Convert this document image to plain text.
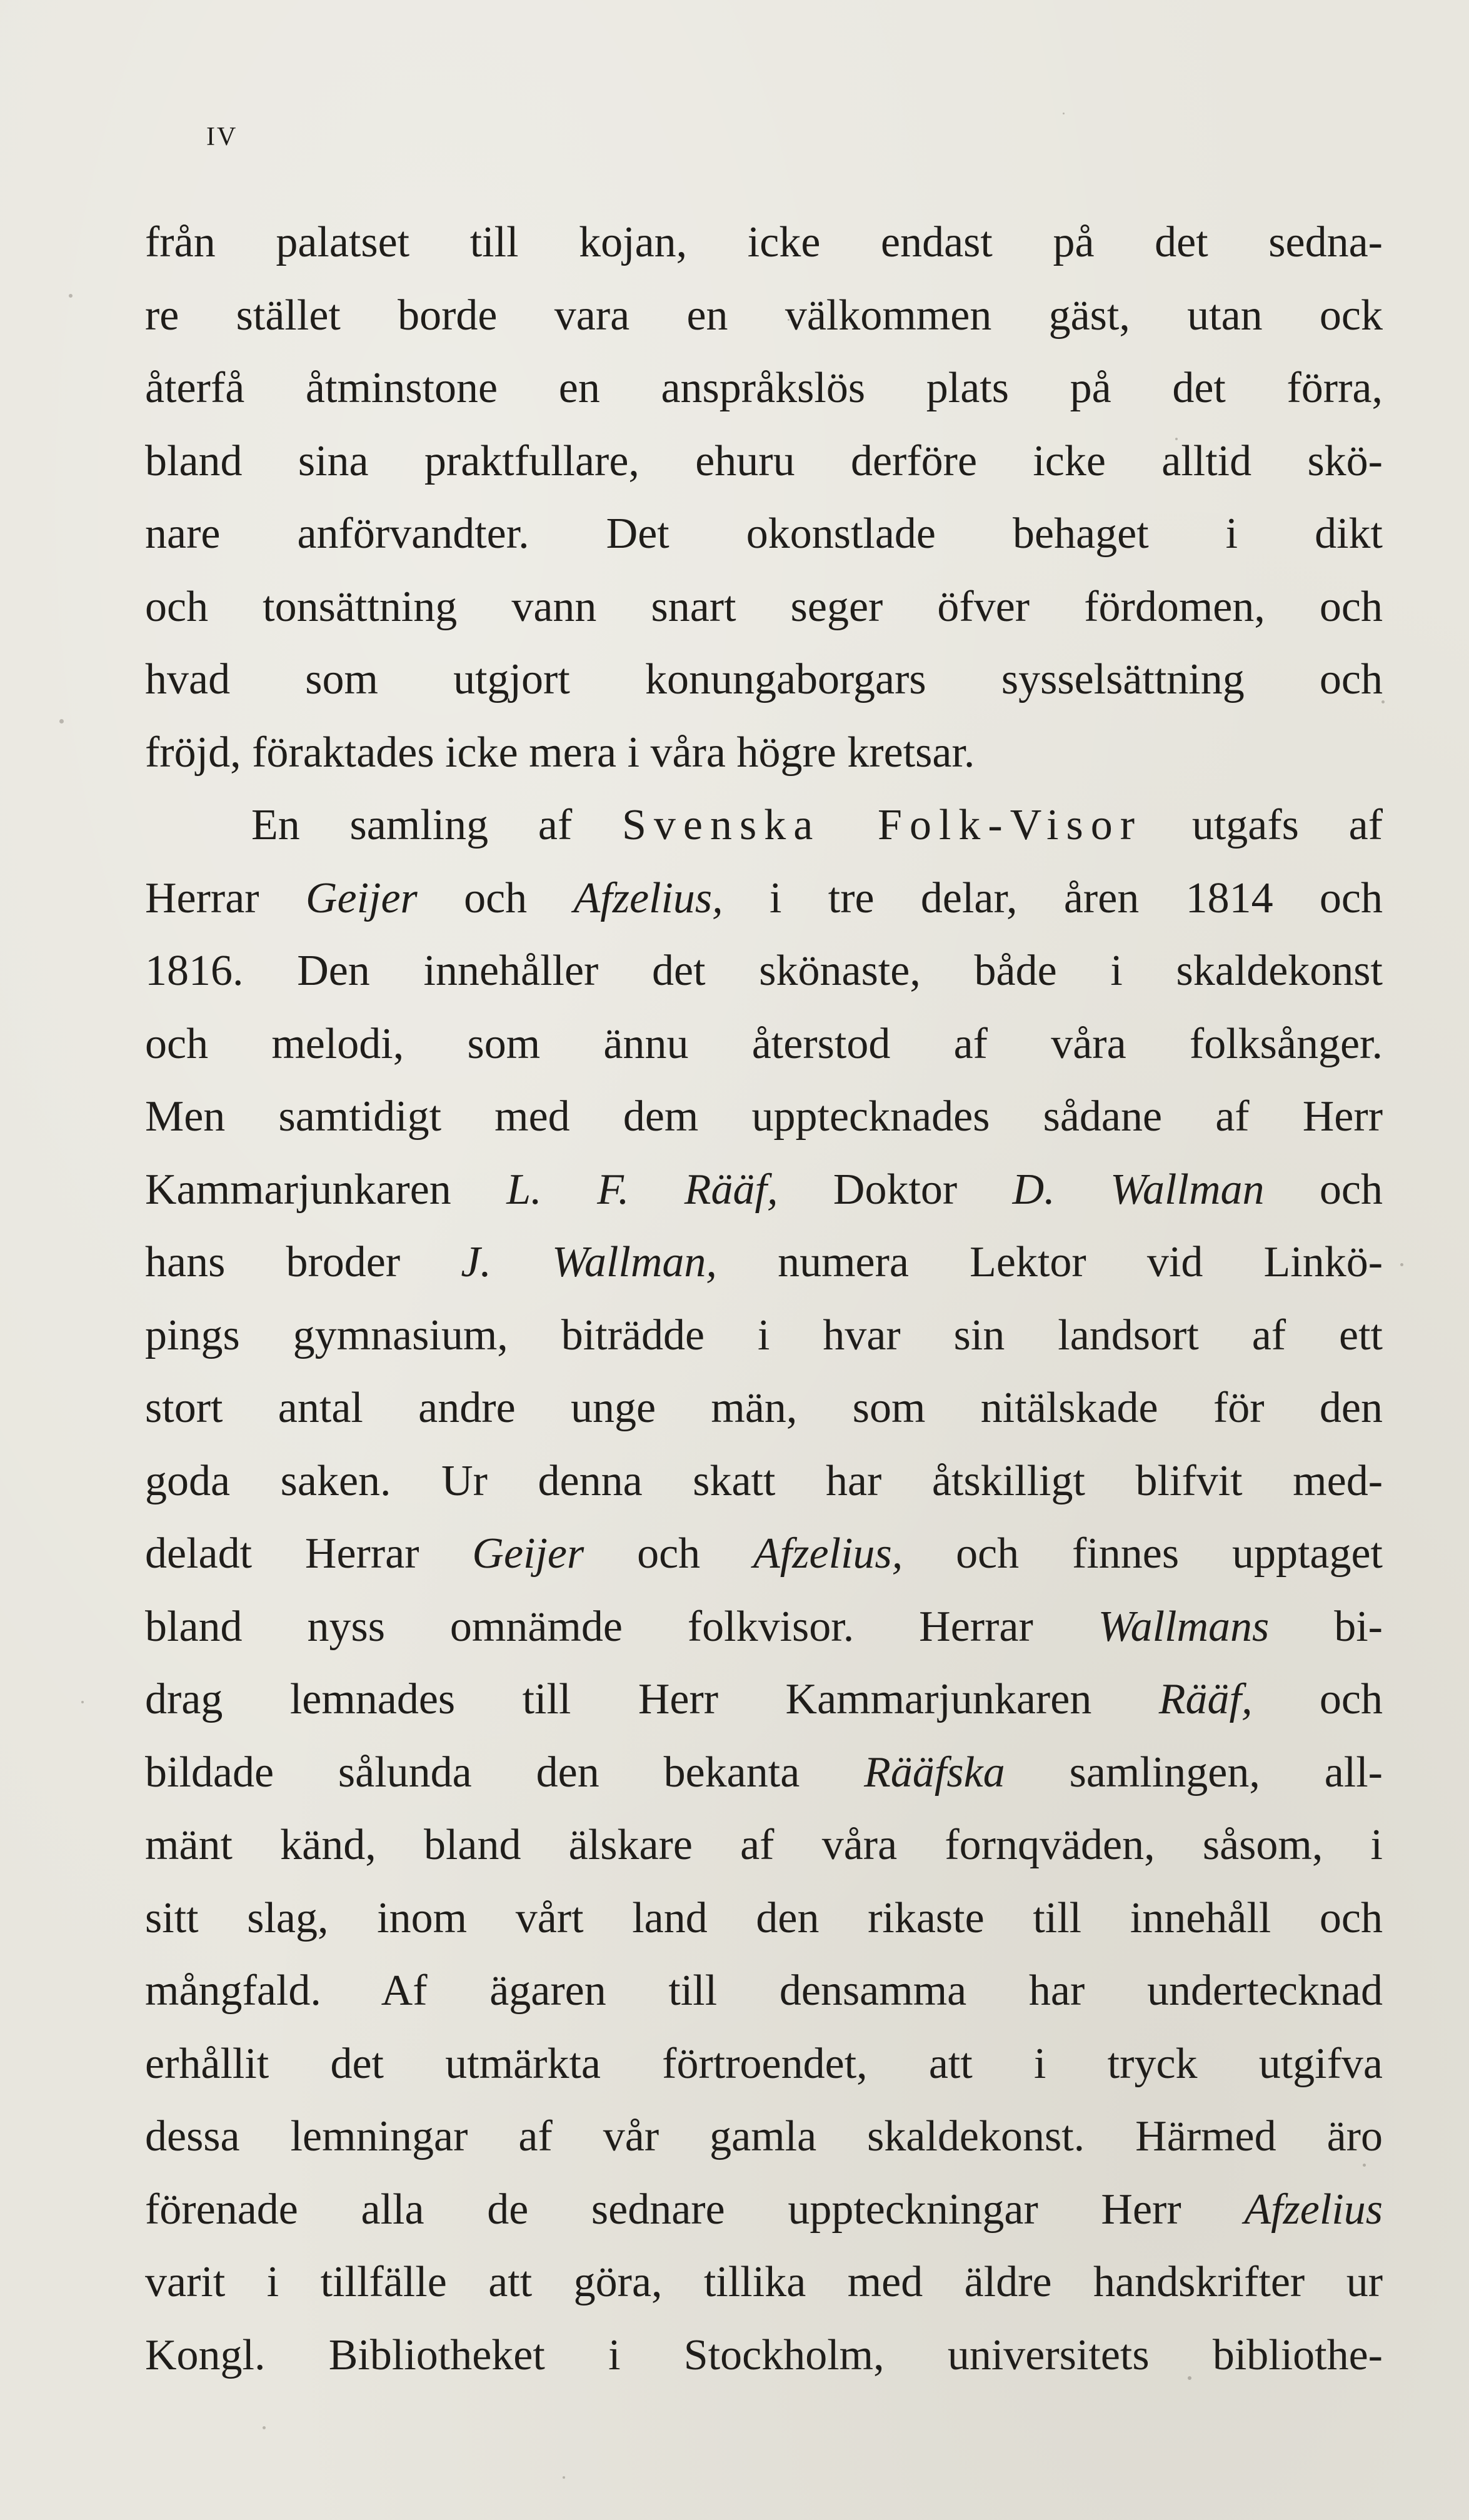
IV
från palatset till kojan, icke endast på det sedna-
re stället borde vara en välkommen gäst, utan ock
återfå åtminstone en anspråkslös plats på det förra,
bland sina praktfullare, ehuru derföre icke alltid skö-
nare anförvandter. Det okonstlade behaget i dikt
och tonsättning vann snart seger öfver fördomen, och
hvad som utgjort konungaborgars sysselsättning och
fröjd, föraktades icke mera i våra högre kretsar.
En samling af Svenska Folk-Visor utgafs af
Herrar Geijer och Afzelius, i tre delar, åren 1814 och
1816. Den innehåller det skönaste, både i skaldekonst
och melodi, som ännu återstod af våra folksånger.
Men samtidigt med dem upptecknades sådane af Herr
Kammarjunkaren L. F. Rääf, Doktor D. Wallman och
hans broder J. Wallman, numera Lektor vid Linkö-
pings gymnasium, biträdde i hvar sin landsort af ett
stort antal andre unge män, som nitälskade för den
goda saken. Ur denna skatt har åtskilligt blifvit med-
deladt Herrar Geijer och Afzelius, och finnes upptaget
bland nyss omnämde folkvisor. Herrar Wallmans bi-
drag lemnades till Herr Kammarjunkaren Rääf, och
bildade sålunda den bekanta Rääfska samlingen, all-
mänt känd, bland älskare af våra fornqväden, såsom, i
sitt slag, inom vårt land den rikaste till innehåll och
mångfald. Af ägaren till densamma har undertecknad
erhållit det utmärkta förtroendet, att i tryck utgifva
dessa lemningar af vår gamla skaldekonst. Härmed äro
förenade alla de sednare uppteckningar Herr Afzelius
varit i tillfälle att göra, tillika med äldre handskrifter ur
Kongl. Bibliotheket i Stockholm, universitets bibliothe-
